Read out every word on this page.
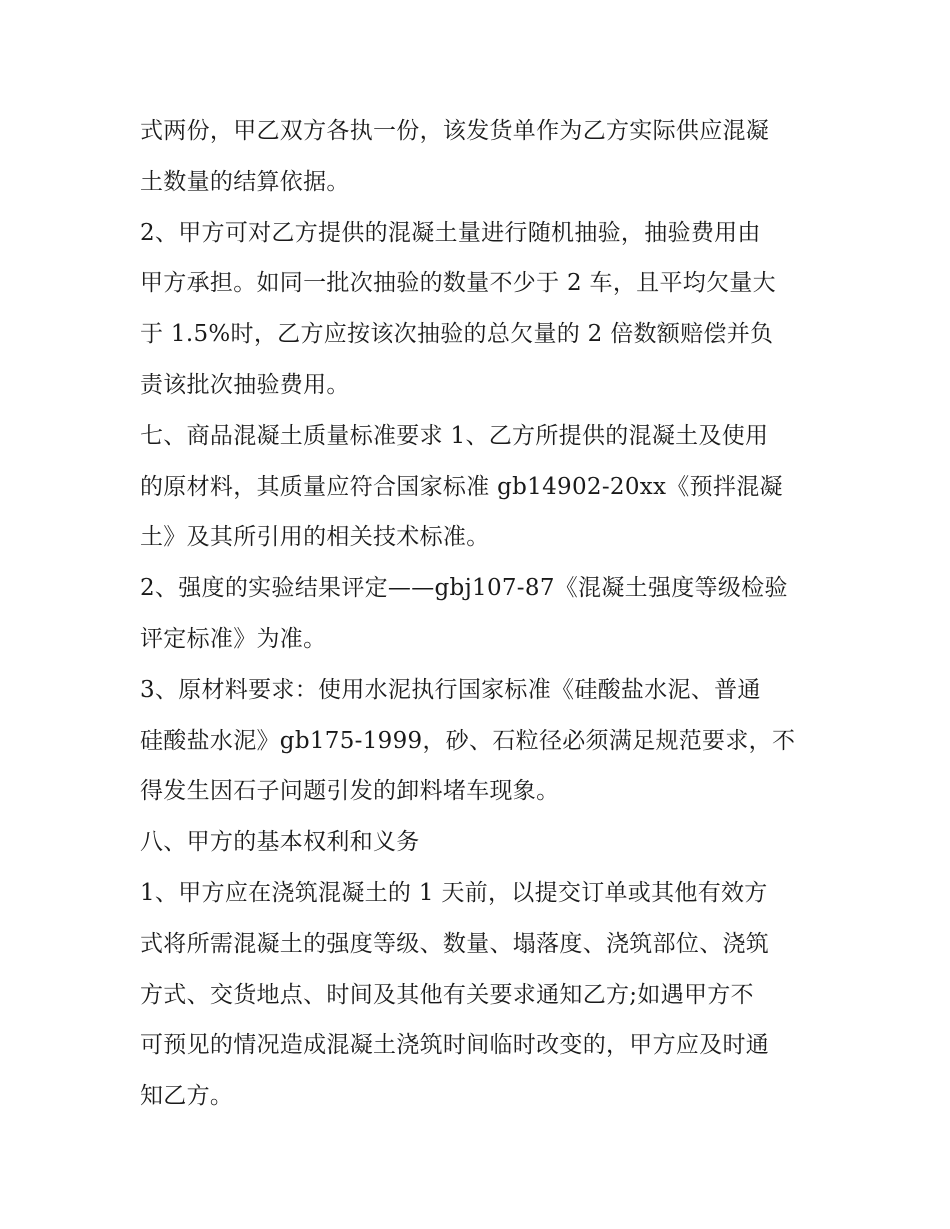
式两份，甲乙双方各执一份，该发货单作为乙方实际供应混凝
土数量的结算依据。
2、甲方可对乙方提供的混凝土量进行随机抽验，抽验费用由
甲方承担。如同一批次抽验的数量不少于 2 车，且平均欠量大
于 1.5%时，乙方应按该次抽验的总欠量的 2 倍数额赔偿并负
责该批次抽验费用。
七、商品混凝土质量标准要求 1、乙方所提供的混凝土及使用
的原材料，其质量应符合国家标准 gb14902-20xx《预拌混凝
土》及其所引用的相关技术标准。
2、强度的实验结果评定——gbj107-87《混凝土强度等级检验
评定标准》为准。
3、原材料要求：使用水泥执行国家标准《硅酸盐水泥、普通
硅酸盐水泥》gb175-1999，砂、石粒径必须满足规范要求，不
得发生因石子问题引发的卸料堵车现象。
八、甲方的基本权利和义务
1、甲方应在浇筑混凝土的 1 天前，以提交订单或其他有效方
式将所需混凝土的强度等级、数量、塌落度、浇筑部位、浇筑
方式、交货地点、时间及其他有关要求通知乙方;如遇甲方不
可预见的情况造成混凝土浇筑时间临时改变的，甲方应及时通
知乙方。
